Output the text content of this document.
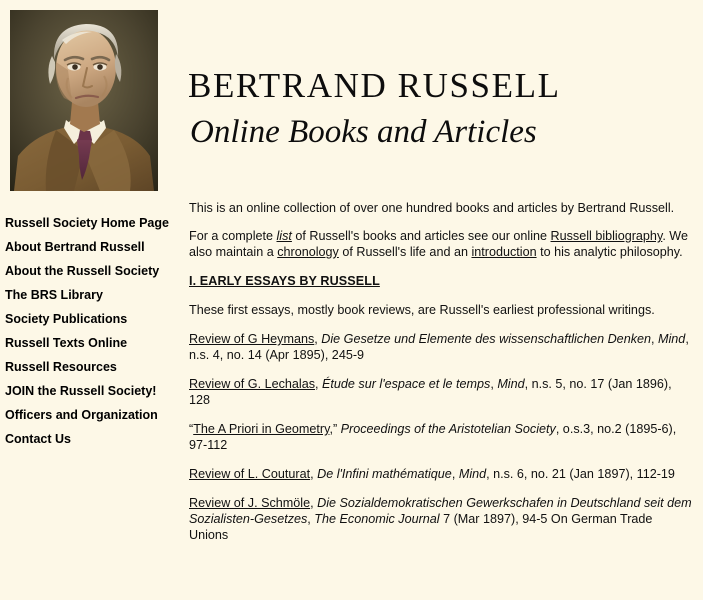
BERTRAND RUSSELL
Online Books and Articles
Russell Society Home Page
About Bertrand Russell
About the Russell Society
The BRS Library
Society Publications
Russell Texts Online
Russell Resources
JOIN the Russell Society!
Officers and Organization
Contact Us

This is an online collection of over one hundred books and articles by Bertrand Russell.

For a complete list of Russell's books and articles see our online Russell bibliography. We also maintain a chronology of Russell's life and an introduction to his analytic philosophy.

I. EARLY ESSAYS BY RUSSELL

These first essays, mostly book reviews, are Russell's earliest professional writings.

Review of G Heymans, Die Gesetze und Elemente des wissenschaftlichen Denken, Mind, n.s. 4, no. 14 (Apr 1895), 245-9

Review of G. Lechalas, Étude sur l'espace et le temps, Mind, n.s. 5, no. 17 (Jan 1896), 128

“The A Priori in Geometry,” Proceedings of the Aristotelian Society, o.s.3, no.2 (1895-6), 97-112

Review of L. Couturat, De l'Infini mathématique, Mind, n.s. 6, no. 21 (Jan 1897), 112-19

Review of J. Schmöle, Die Sozialdemokratischen Gewerkschafen in Deutschland seit dem Sozialisten-Gesetzes, The Economic Journal 7 (Mar 1897), 94-5 On German Trade Unions
